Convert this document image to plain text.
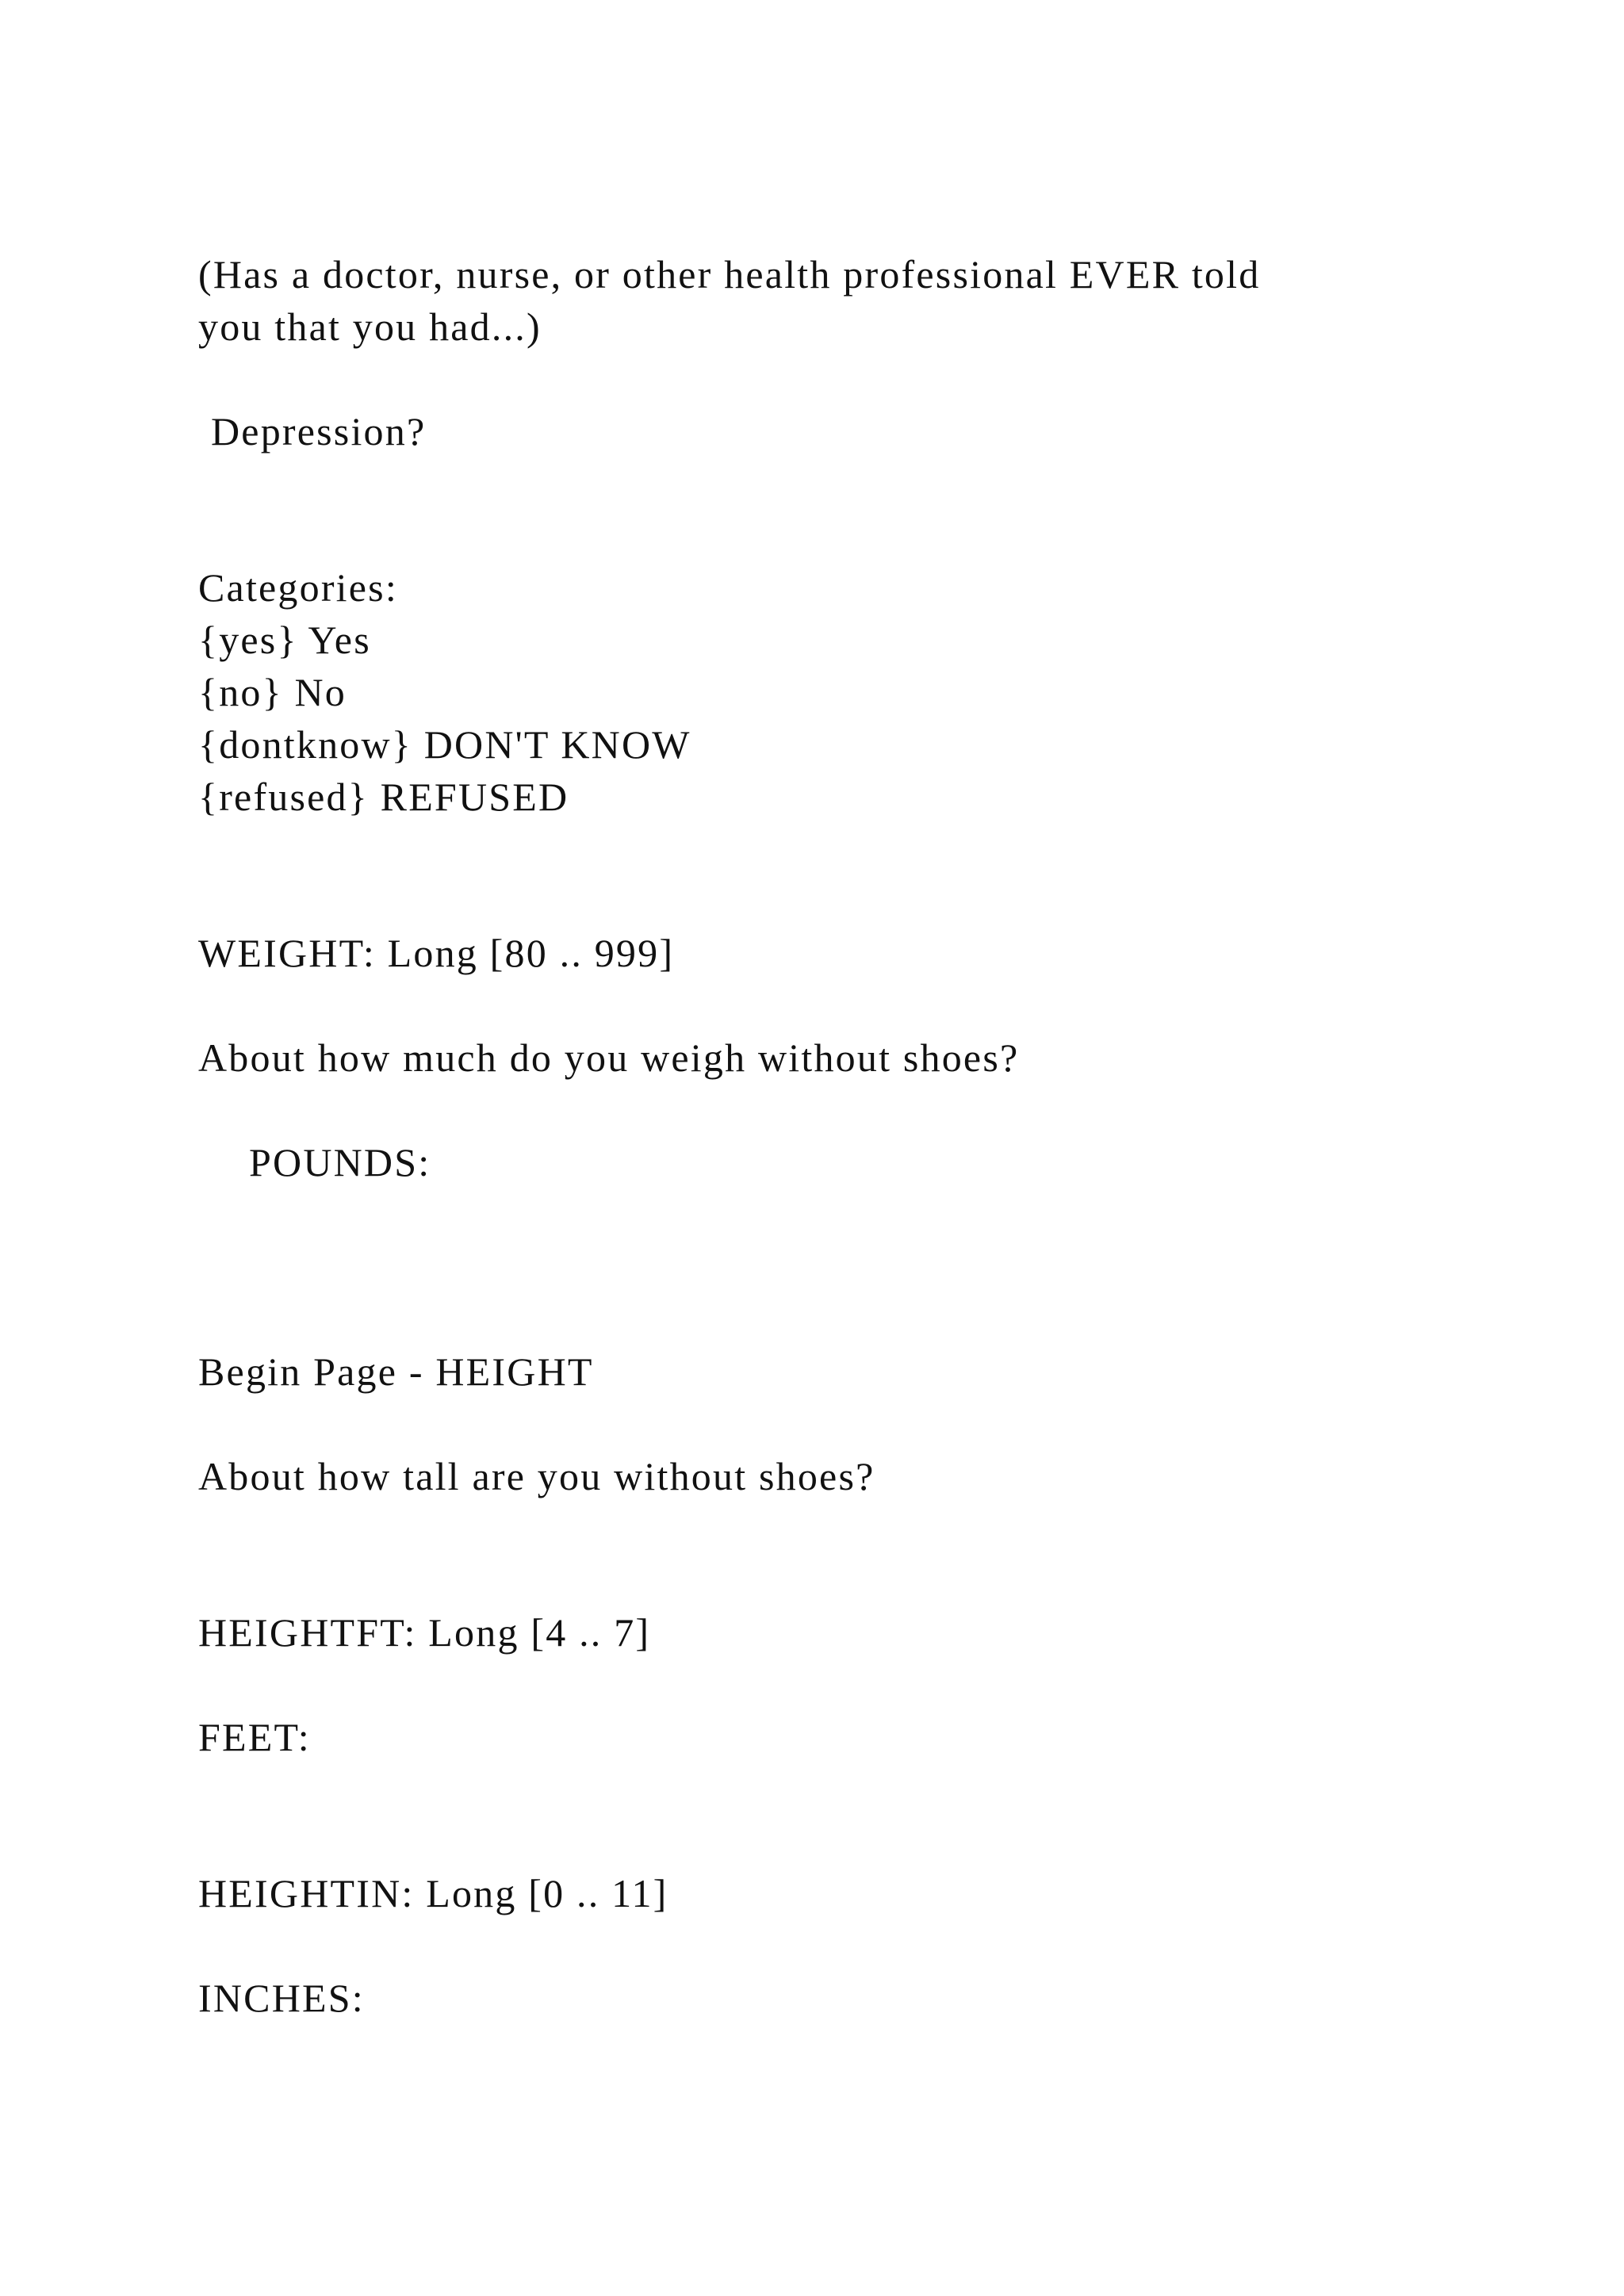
(Has a doctor, nurse, or other health professional EVER told

you that you had...)

Depression?

Categories:

{yes} Yes

{no} No

{dontknow} DON'T KNOW

{refused} REFUSED

WEIGHT: Long [80 .. 999]

About how much do you weigh without shoes?

POUNDS:

Begin Page - HEIGHT

About how tall are you without shoes?

HEIGHTFT: Long [4 .. 7]

FEET:

HEIGHTIN: Long [0 .. 11]

INCHES:
